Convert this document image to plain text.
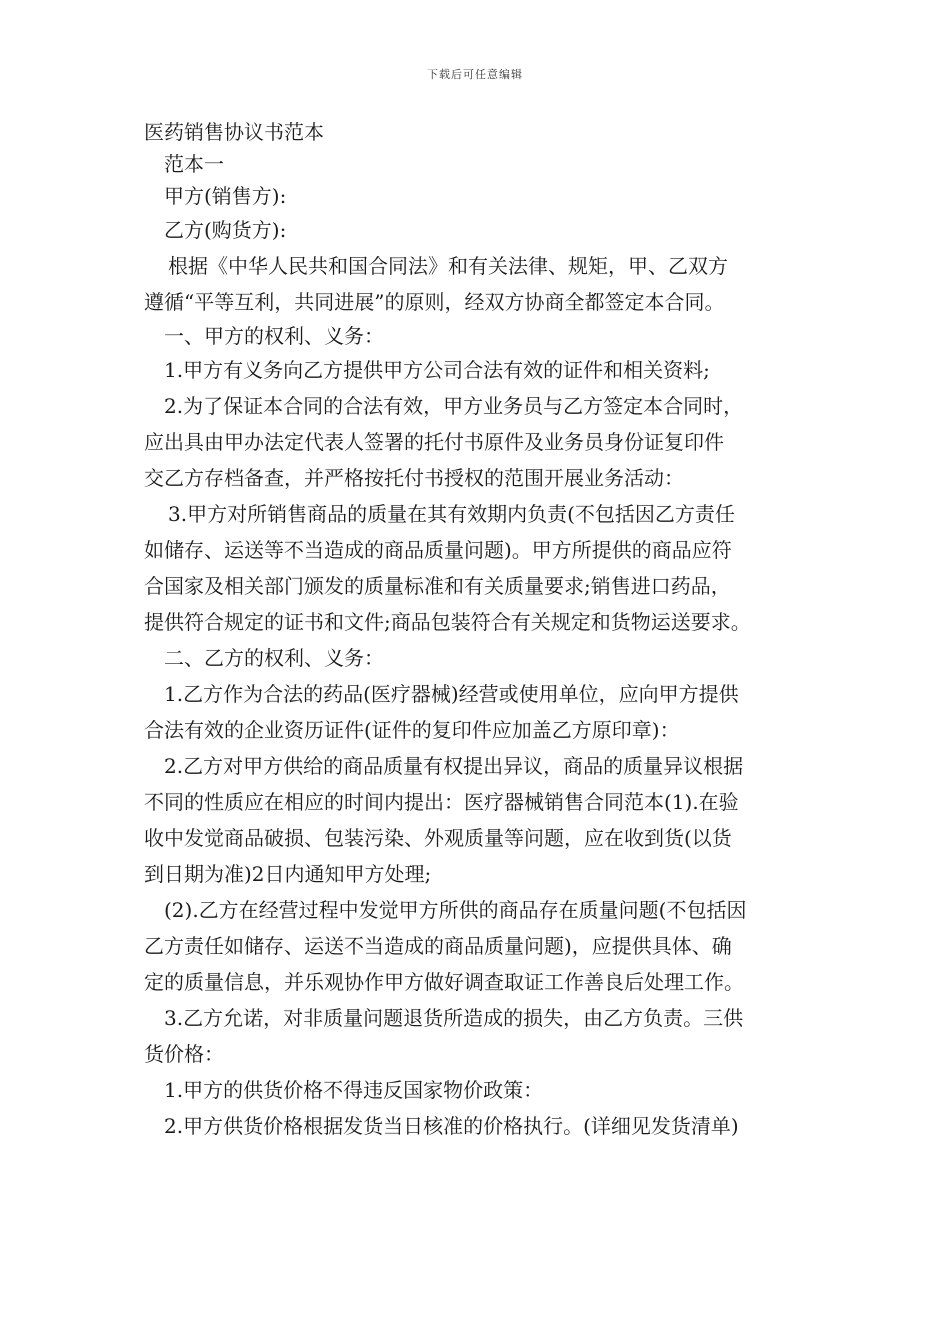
下载后可任意编辑
医药销售协议书范本
范本一
甲方(销售方):
乙方(购货方):
根据《中华人民共和国合同法》和有关法律、规矩，甲、乙双方
遵循“平等互利，共同进展”的原则，经双方协商全都签定本合同。
一、甲方的权利、义务：
1.甲方有义务向乙方提供甲方公司合法有效的证件和相关资料;
2.为了保证本合同的合法有效，甲方业务员与乙方签定本合同时，
应出具由甲办法定代表人签署的托付书原件及业务员身份证复印件
交乙方存档备查，并严格按托付书授权的范围开展业务活动：
3.甲方对所销售商品的质量在其有效期内负责(不包括因乙方责任
如储存、运送等不当造成的商品质量问题)。甲方所提供的商品应符
合国家及相关部门颁发的质量标准和有关质量要求;销售进口药品，
提供符合规定的证书和文件;商品包装符合有关规定和货物运送要求。
二、乙方的权利、义务：
1.乙方作为合法的药品(医疗器械)经营或使用单位，应向甲方提供
合法有效的企业资历证件(证件的复印件应加盖乙方原印章)：
2.乙方对甲方供给的商品质量有权提出异议，商品的质量异议根据
不同的性质应在相应的时间内提出：医疗器械销售合同范本(1).在验
收中发觉商品破损、包装污染、外观质量等问题，应在收到货(以货
到日期为准)2日内通知甲方处理;
(2).乙方在经营过程中发觉甲方所供的商品存在质量问题(不包括因
乙方责任如储存、运送不当造成的商品质量问题)，应提供具体、确
定的质量信息，并乐观协作甲方做好调查取证工作善良后处理工作。
3.乙方允诺，对非质量问题退货所造成的损失，由乙方负责。三供
货价格：
1.甲方的供货价格不得违反国家物价政策：
2.甲方供货价格根据发货当日核准的价格执行。(详细见发货清单)
